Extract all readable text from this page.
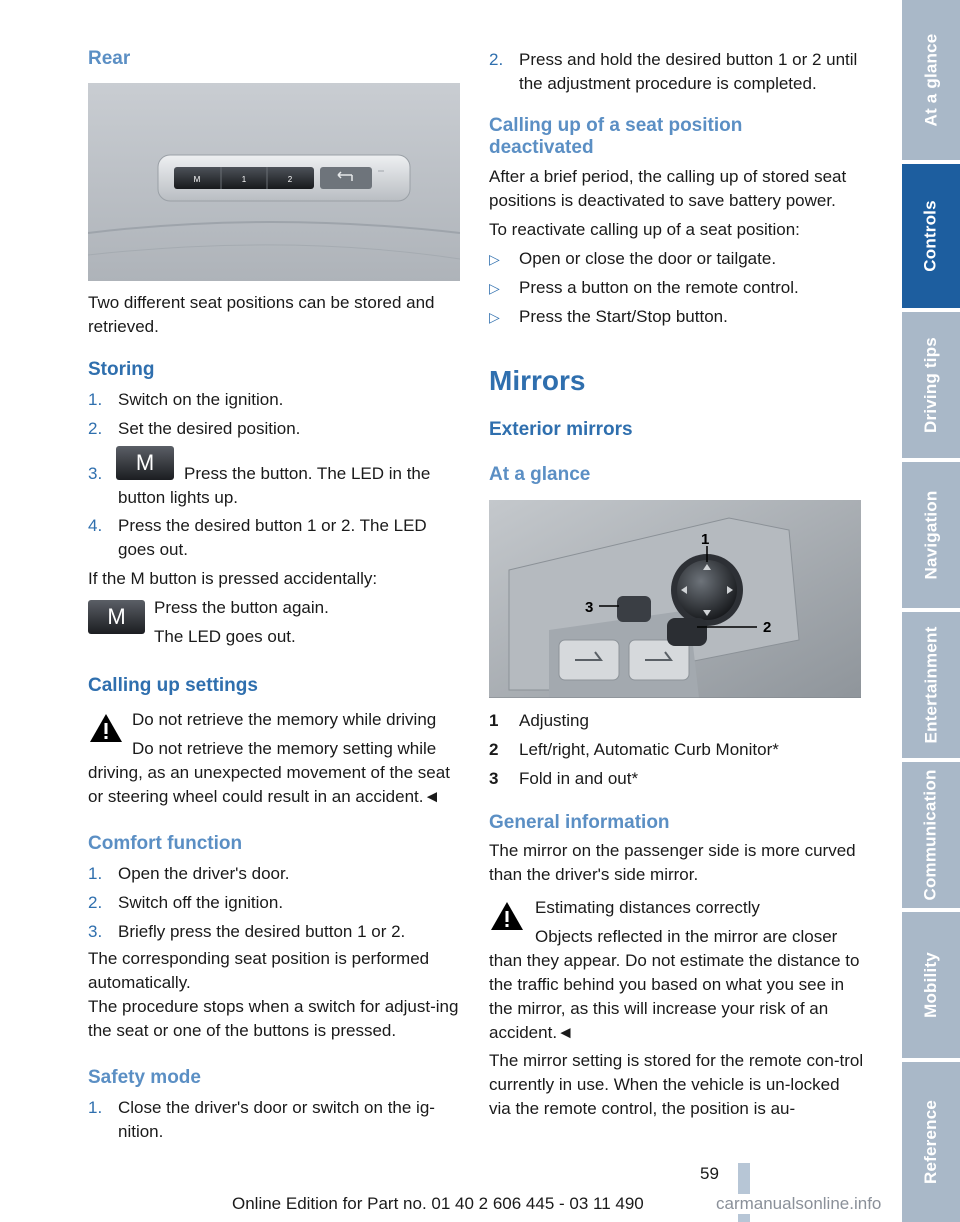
Rear
M	1	2
Two different seat positions can be stored and retrieved.
Storing
1. Switch on the ignition.
2. Set the desired position.
3.	Press the button. The LED in the button lights up.
M
4. Press the desired button 1 or 2. The LED goes out.
If the M button is pressed accidentally:
M Press the button again.
The LED goes out.
Calling up settings
Do not retrieve the memory while driving
Do not retrieve the memory setting while driving, as an unexpected movement of the seat or steering wheel could result in an accident.◄
Comfort function
1. Open the driver's door.
2. Switch off the ignition.
3. Briefly press the desired button 1 or 2.
The corresponding seat position is performed automatically.
The procedure stops when a switch for adjust-ing the seat or one of the buttons is pressed.
Safety mode
1. Close the driver's door or switch on the ig-nition.
2. Press and hold the desired button 1 or 2 until the adjustment procedure is completed.
Calling up of a seat position deactivated
After a brief period, the calling up of stored seat positions is deactivated to save battery power.
To reactivate calling up of a seat position:
▷ Open or close the door or tailgate.
▷ Press a button on the remote control.
▷ Press the Start/Stop button.
Mirrors
Exterior mirrors
At a glance
1
2
3
1 Adjusting
2 Left/right, Automatic Curb Monitor*
3 Fold in and out*
General information
The mirror on the passenger side is more curved than the driver's side mirror.
Estimating distances correctly
Objects reflected in the mirror are closer than they appear. Do not estimate the distance to the traffic behind you based on what you see in the mirror, as this will increase your risk of an accident.◄
The mirror setting is stored for the remote con-trol currently in use. When the vehicle is un-locked via the remote control, the position is au-
At a glance
Controls
Driving tips
Navigation
Entertainment
Communication
Mobility
Reference
59
Online Edition for Part no. 01 40 2 606 445 - 03 11 490	carmanualsonline.info
